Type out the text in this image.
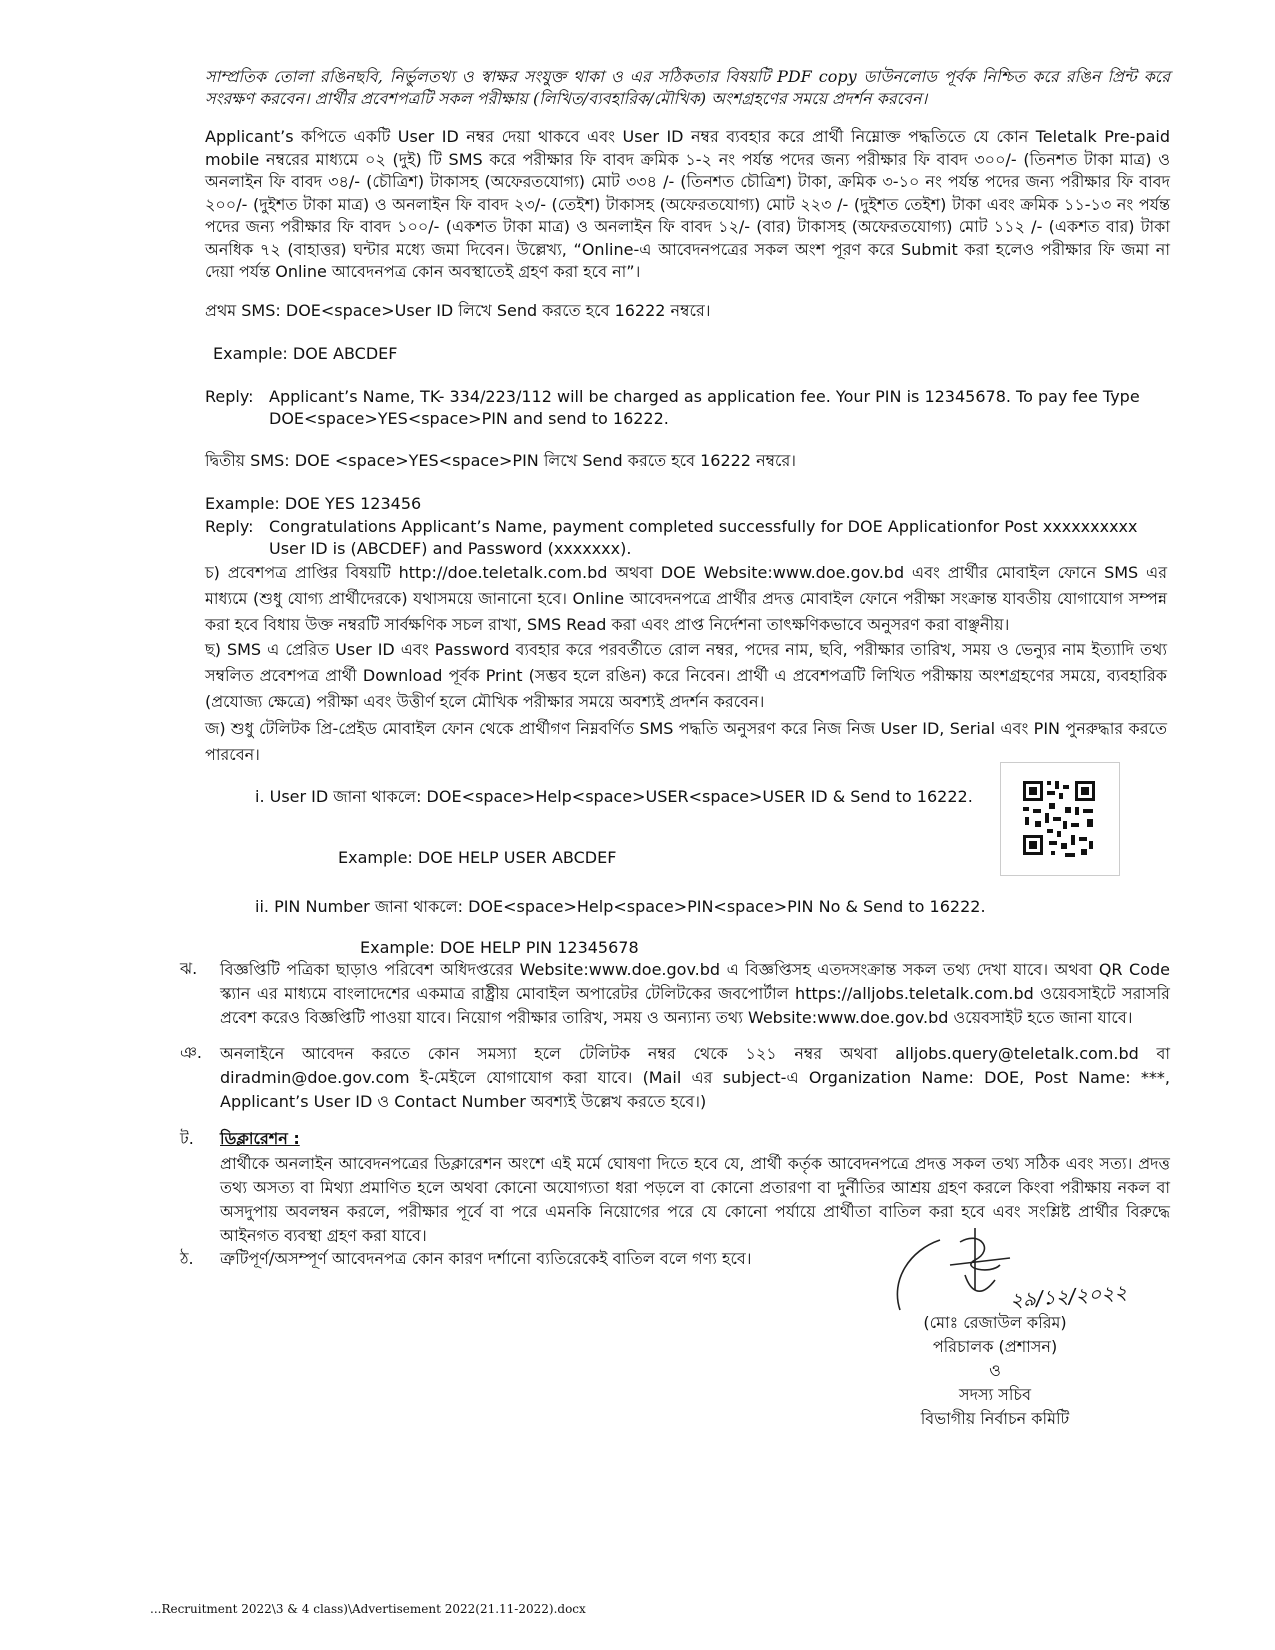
সাম্প্রতিক তোলা রঙিনছবি, নির্ভুলতথ্য ও স্বাক্ষর সংযুক্ত থাকা ও এর সঠিকতার বিষয়টি PDF copy ডাউনলোড পূর্বক নিশ্চিত করে রঙিন প্রিন্ট করে সংরক্ষণ করবেন। প্রার্থীর প্রবেশপত্রটি সকল পরীক্ষায় (লিখিত/ব্যবহারিক/মৌখিক) অংশগ্রহণের সময়ে প্রদর্শন করবেন।
Applicant’s কপিতে একটি User ID নম্বর দেয়া থাকবে এবং User ID নম্বর ব্যবহার করে প্রার্থী নিম্নোক্ত পদ্ধতিতে যে কোন Teletalk Pre-paid mobile নম্বরের মাধ্যমে ০২ (দুই) টি SMS করে পরীক্ষার ফি বাবদ ক্রমিক ১-২ নং পর্যন্ত পদের জন্য পরীক্ষার ফি বাবদ ৩০০/- (তিনশত টাকা মাত্র) ও অনলাইন ফি বাবদ ৩৪/- (চৌত্রিশ) টাকাসহ (অফেরতযোগ্য) মোট ৩৩৪ /- (তিনশত চৌত্রিশ) টাকা, ক্রমিক ৩-১০ নং পর্যন্ত পদের জন্য পরীক্ষার ফি বাবদ ২০০/- (দুইশত টাকা মাত্র) ও অনলাইন ফি বাবদ ২৩/- (তেইশ) টাকাসহ (অফেরতযোগ্য) মোট ২২৩ /- (দুইশত তেইশ) টাকা এবং ক্রমিক ১১-১৩ নং পর্যন্ত পদের জন্য পরীক্ষার ফি বাবদ ১০০/- (একশত টাকা মাত্র) ও অনলাইন ফি বাবদ ১২/- (বার) টাকাসহ (অফেরতযোগ্য) মোট ১১২ /- (একশত বার) টাকা অনধিক ৭২ (বাহাত্তর) ঘন্টার মধ্যে জমা দিবেন। উল্লেখ্য, “Online-এ আবেদনপত্রের সকল অংশ পূরণ করে Submit করা হলেও পরীক্ষার ফি জমা না দেয়া পর্যন্ত Online আবেদনপত্র কোন অবস্থাতেই গ্রহণ করা হবে না”।
প্রথম SMS: DOE<space>User ID লিখে Send করতে হবে 16222 নম্বরে।
Example: DOE ABCDEF
Reply: Applicant’s Name, TK- 334/223/112 will be charged as application fee. Your PIN is 12345678. To pay fee Type DOE<space>YES<space>PIN and send to 16222.
দ্বিতীয় SMS: DOE <space>YES<space>PIN লিখে Send করতে হবে 16222 নম্বরে।
Example: DOE YES 123456
Reply: Congratulations Applicant’s Name, payment completed successfully for DOE Applicationfor Post xxxxxxxxxx User ID is (ABCDEF) and Password (xxxxxxx).
চ) প্রবেশপত্র প্রাপ্তির বিষয়টি http://doe.teletalk.com.bd অথবা DOE Website:www.doe.gov.bd এবং প্রার্থীর মোবাইল ফোনে SMS এর মাধ্যমে (শুধু যোগ্য প্রার্থীদেরকে) যথাসময়ে জানানো হবে। Online আবেদনপত্রে প্রার্থীর প্রদত্ত মোবাইল ফোনে পরীক্ষা সংক্রান্ত যাবতীয় যোগাযোগ সম্পন্ন করা হবে বিধায় উক্ত নম্বরটি সার্বক্ষণিক সচল রাখা, SMS Read করা এবং প্রাপ্ত নির্দেশনা তাৎক্ষণিকভাবে অনুসরণ করা বাঞ্ছনীয়।
ছ) SMS এ প্রেরিত User ID এবং Password ব্যবহার করে পরবর্তীতে রোল নম্বর, পদের নাম, ছবি, পরীক্ষার তারিখ, সময় ও ভেন্যুর নাম ইত্যাদি তথ্য সম্বলিত প্রবেশপত্র প্রার্থী Download পূর্বক Print (সম্ভব হলে রঙিন) করে নিবেন। প্রার্থী এ প্রবেশপত্রটি লিখিত পরীক্ষায় অংশগ্রহণের সময়ে, ব্যবহারিক (প্রযোজ্য ক্ষেত্রে) পরীক্ষা এবং উত্তীর্ণ হলে মৌখিক পরীক্ষার সময়ে অবশ্যই প্রদর্শন করবেন।
জ) শুধু টেলিটক প্রি-প্রেইড মোবাইল ফোন থেকে প্রার্থীগণ নিম্নবর্ণিত SMS পদ্ধতি অনুসরণ করে নিজ নিজ User ID, Serial এবং PIN পুনরুদ্ধার করতে পারবেন।
i. User ID জানা থাকলে: DOE<space>Help<space>USER<space>USER ID & Send to 16222.
Example: DOE HELP USER ABCDEF
ii. PIN Number জানা থাকলে: DOE<space>Help<space>PIN<space>PIN No & Send to 16222.
Example: DOE HELP PIN 12345678
ঝ. বিজ্ঞপ্তিটি পত্রিকা ছাড়াও পরিবেশ অধিদপ্তরের Website:www.doe.gov.bd এ বিজ্ঞপ্তিসহ এতদসংক্রান্ত সকল তথ্য দেখা যাবে। অথবা QR Code স্ক্যান এর মাধ্যমে বাংলাদেশের একমাত্র রাষ্ট্রীয় মোবাইল অপারেটর টেলিটকের জবপোর্টাল https://alljobs.teletalk.com.bd ওয়েবসাইটে সরাসরি প্রবেশ করেও বিজ্ঞপ্তিটি পাওয়া যাবে। নিয়োগ পরীক্ষার তারিখ, সময় ও অন্যান্য তথ্য Website:www.doe.gov.bd ওয়েবসাইট হতে জানা যাবে।
ঞ. অনলাইনে আবেদন করতে কোন সমস্যা হলে টেলিটক নম্বর থেকে ১২১ নম্বর অথবা alljobs.query@teletalk.com.bd বা diradmin@doe.gov.com ই-মেইলে যোগাযোগ করা যাবে। (Mail এর subject-এ Organization Name: DOE, Post Name: ***, Applicant’s User ID ও Contact Number অবশ্যই উল্লেখ করতে হবে।)
ট. ডিক্লারেশন :
প্রার্থীকে অনলাইন আবেদনপত্রের ডিক্লারেশন অংশে এই মর্মে ঘোষণা দিতে হবে যে, প্রার্থী কর্তৃক আবেদনপত্রে প্রদত্ত সকল তথ্য সঠিক এবং সত্য। প্রদত্ত তথ্য অসত্য বা মিথ্যা প্রমাণিত হলে অথবা কোনো অযোগ্যতা ধরা পড়লে বা কোনো প্রতারণা বা দুর্নীতির আশ্রয় গ্রহণ করলে কিংবা পরীক্ষায় নকল বা অসদুপায় অবলম্বন করলে, পরীক্ষার পূর্বে বা পরে এমনকি নিয়োগের পরে যে কোনো পর্যায়ে প্রার্থীতা বাতিল করা হবে এবং সংশ্লিষ্ট প্রার্থীর বিরুদ্ধে আইনগত ব্যবস্থা গ্রহণ করা যাবে।
ঠ. ত্রুটিপূর্ণ/অসম্পূর্ণ আবেদনপত্র কোন কারণ দর্শানো ব্যতিরেকেই বাতিল বলে গণ্য হবে।
২৯/১২/২০২২
(মোঃ রেজাউল করিম)
পরিচালক (প্রশাসন)
ও
সদস্য সচিব
বিভাগীয় নির্বাচন কমিটি
...Recruitment 2022\3 & 4 class)\Advertisement 2022(21.11-2022).docx
